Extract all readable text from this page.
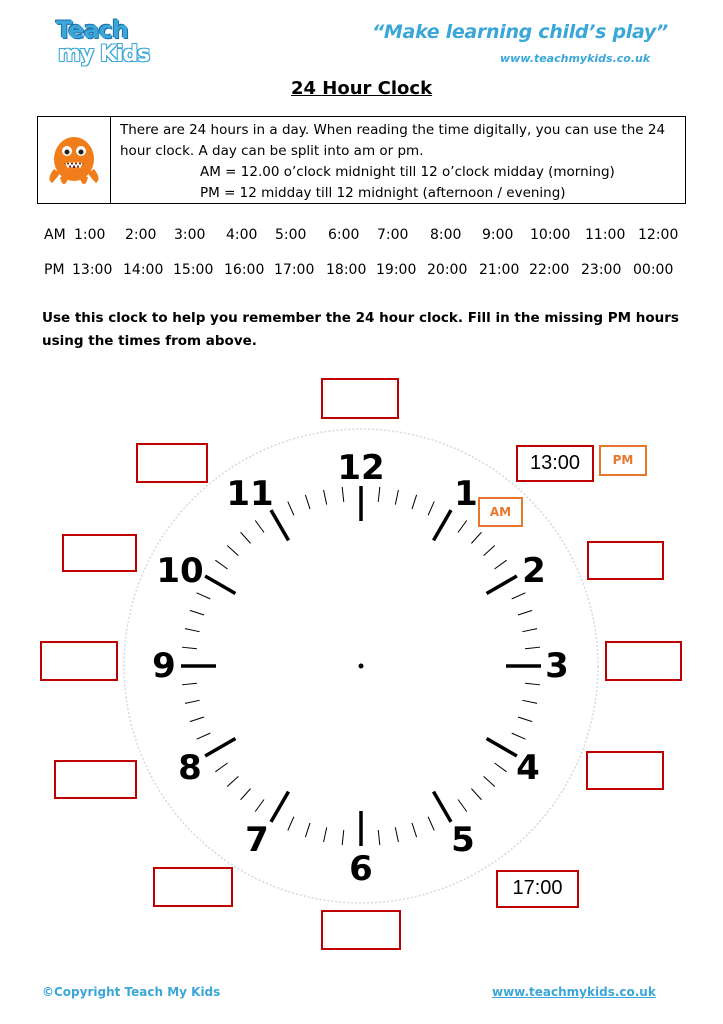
Teach
my Kids
“Make learning child’s play”
www.teachmykids.co.uk
24 Hour Clock
There are 24 hours in a day. When reading the time digitally, you can use the 24
hour clock. A day can be split into am or pm.
AM = 12.00 o’clock midnight till 12 o’clock midday (morning)
PM = 12 midday till 12 midnight (afternoon / evening)
AM 1:00 2:00 3:00 4:00 5:00 6:00 7:00 8:00 9:00 10:00 11:00 12:00
PM 13:00 14:00 15:00 16:00 17:00 18:00 19:00 20:00 21:00 22:00 23:00 00:00
Use this clock to help you remember the 24 hour clock. Fill in the missing PM hours
using the times from above.
12
1
2
3
4
5
6
7
8
9
10
11
13:00
17:00
AM
PM
©Copyright Teach My Kids	www.teachmykids.co.uk
